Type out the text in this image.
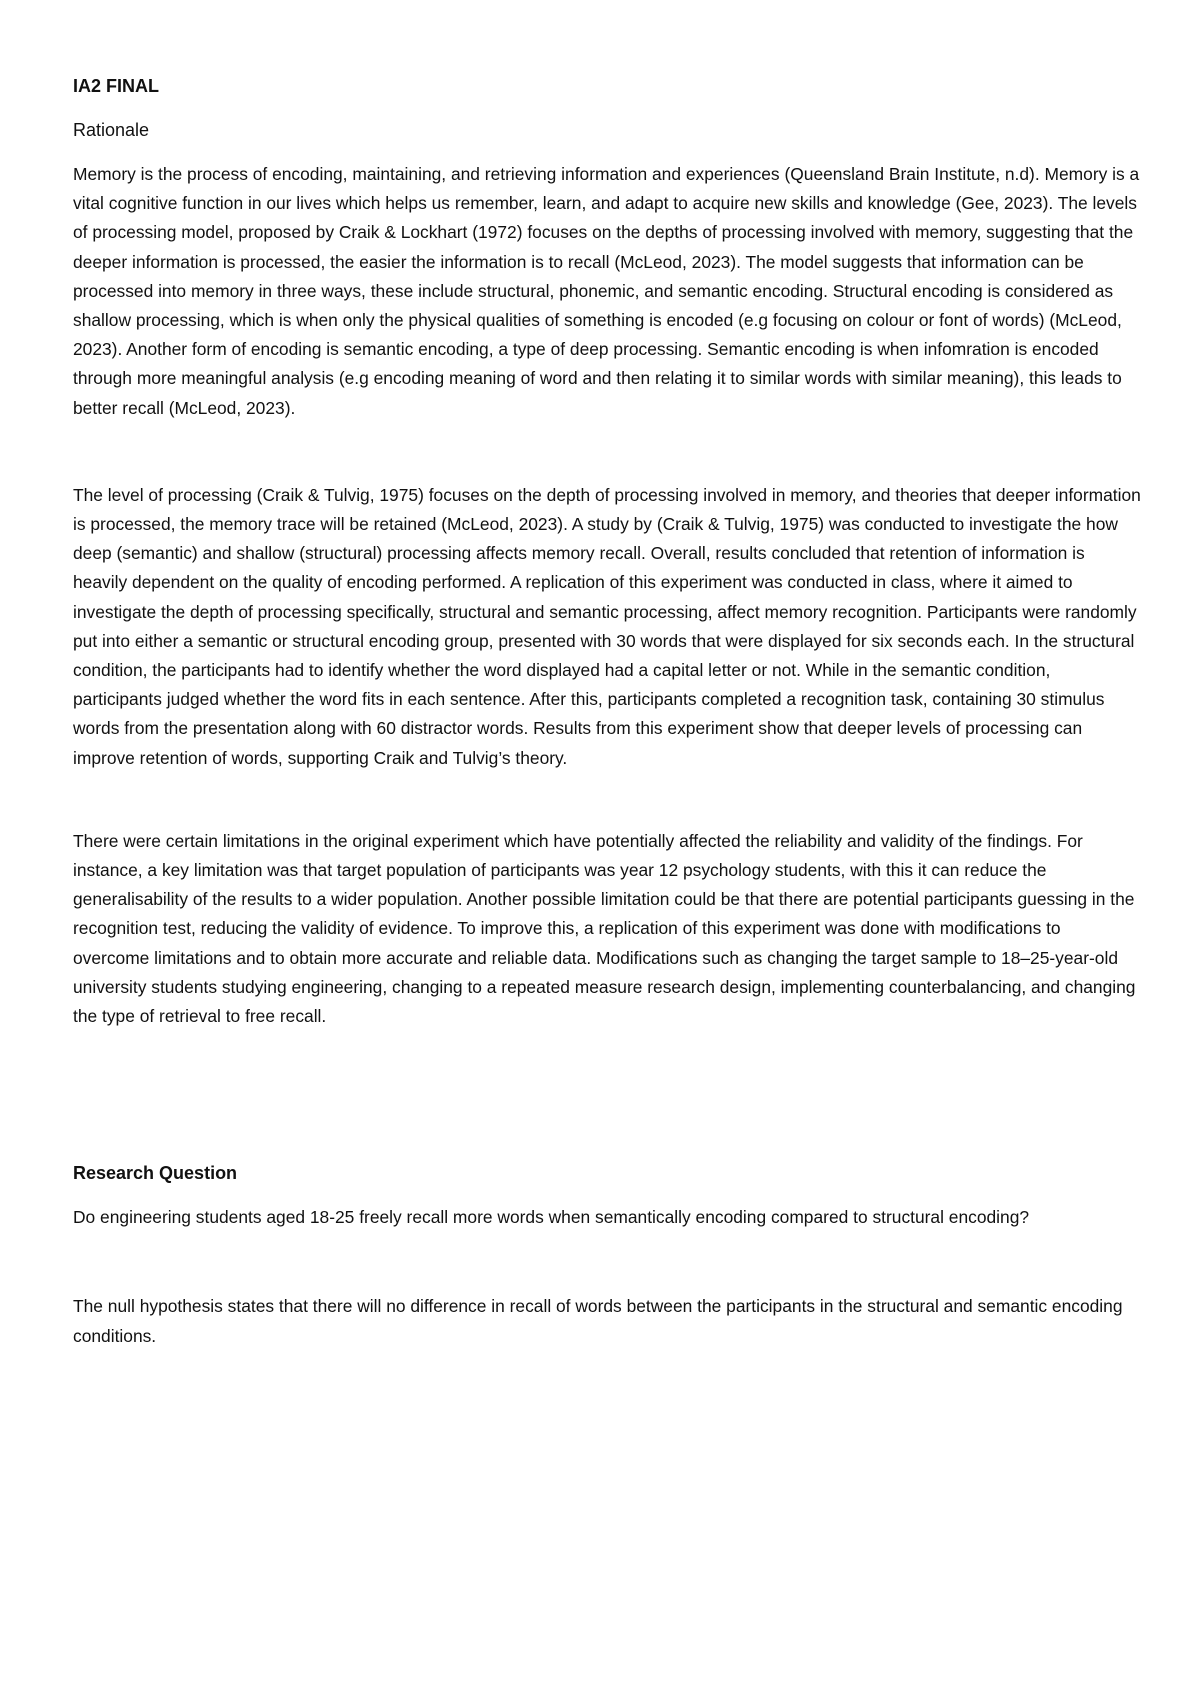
IA2 FINAL
Rationale

Memory is the process of encoding, maintaining, and retrieving information and experiences (Queensland Brain Institute, n.d). Memory is a vital cognitive function in our lives which helps us remember, learn, and adapt to acquire new skills and knowledge (Gee, 2023). The levels of processing model, proposed by Craik & Lockhart (1972) focuses on the depths of processing involved with memory, suggesting that the deeper information is processed, the easier the information is to recall (McLeod, 2023). The model suggests that information can be processed into memory in three ways, these include structural, phonemic, and semantic encoding. Structural encoding is considered as shallow processing, which is when only the physical qualities of something is encoded (e.g focusing on colour or font of words) (McLeod, 2023). Another form of encoding is semantic encoding, a type of deep processing. Semantic encoding is when infomration is encoded through more meaningful analysis (e.g encoding meaning of word and then relating it to similar words with similar meaning), this leads to better recall (McLeod, 2023).

The level of processing (Craik & Tulvig, 1975) focuses on the depth of processing involved in memory, and theories that deeper information is processed, the memory trace will be retained (McLeod, 2023). A study by (Craik & Tulvig, 1975) was conducted to investigate the how deep (semantic) and shallow (structural) processing affects memory recall. Overall, results concluded that retention of information is heavily dependent on the quality of encoding performed. A replication of this experiment was conducted in class, where it aimed to investigate the depth of processing specifically, structural and semantic processing, affect memory recognition. Participants were randomly put into either a semantic or structural encoding group, presented with 30 words that were displayed for six seconds each. In the structural condition, the participants had to identify whether the word displayed had a capital letter or not. While in the semantic condition, participants judged whether the word fits in each sentence. After this, participants completed a recognition task, containing 30 stimulus words from the presentation along with 60 distractor words. Results from this experiment show that deeper levels of processing can improve retention of words, supporting Craik and Tulvig’s theory.

There were certain limitations in the original experiment which have potentially affected the reliability and validity of the findings. For instance, a key limitation was that target population of participants was year 12 psychology students, with this it can reduce the generalisability of the results to a wider population. Another possible limitation could be that there are potential participants guessing in the recognition test, reducing the validity of evidence. To improve this, a replication of this experiment was done with modifications to overcome limitations and to obtain more accurate and reliable data. Modifications such as changing the target sample to 18–25-year-old university students studying engineering, changing to a repeated measure research design, implementing counterbalancing, and changing the type of retrieval to free recall.

Research Question

Do engineering students aged 18-25 freely recall more words when semantically encoding compared to structural encoding?

The null hypothesis states that there will no difference in recall of words between the participants in the structural and semantic encoding conditions.
